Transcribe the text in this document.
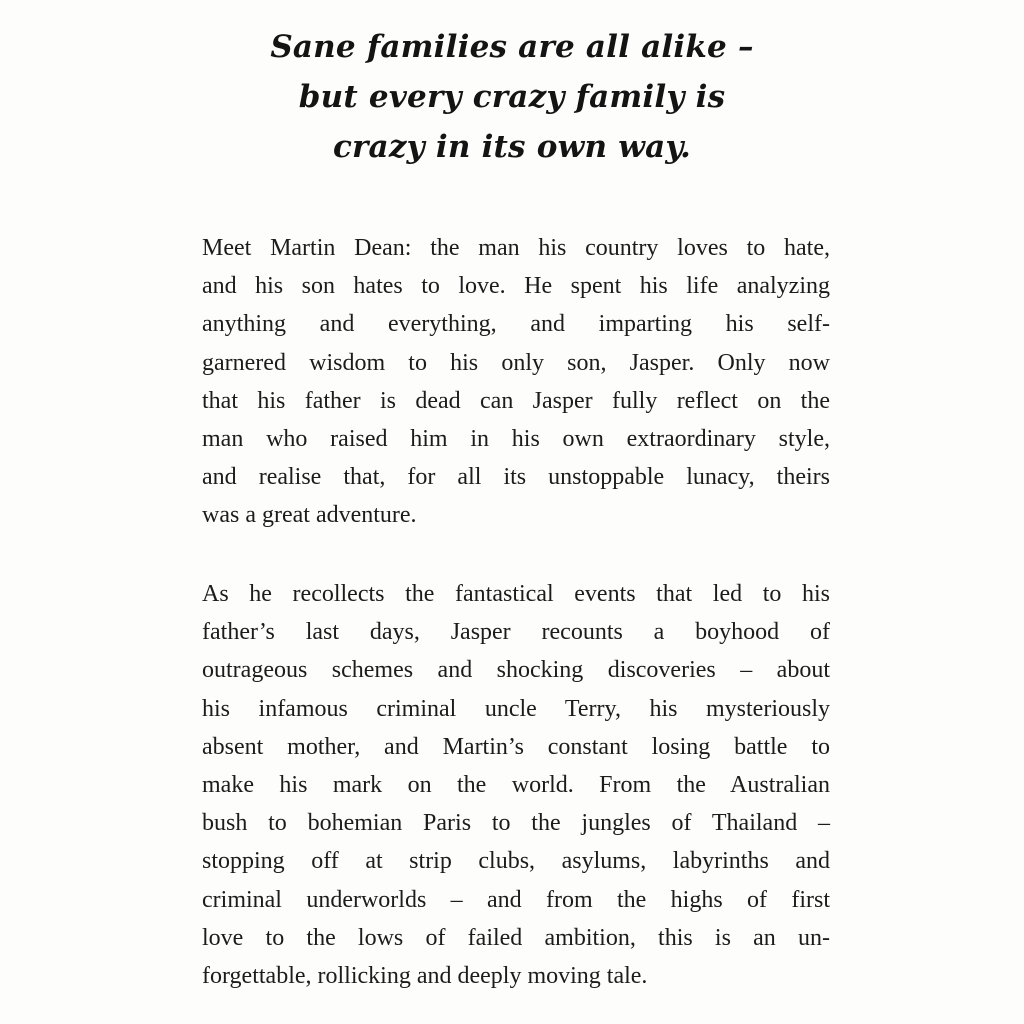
Sane families are all alike –
but every crazy family is
crazy in its own way.
Meet Martin Dean: the man his country loves to hate,
and his son hates to love. He spent his life analyzing
anything and everything, and imparting his self-
garnered wisdom to his only son, Jasper. Only now
that his father is dead can Jasper fully reflect on the
man who raised him in his own extraordinary style,
and realise that, for all its unstoppable lunacy, theirs
was a great adventure.
As he recollects the fantastical events that led to his
father’s last days, Jasper recounts a boyhood of
outrageous schemes and shocking discoveries – about
his infamous criminal uncle Terry, his mysteriously
absent mother, and Martin’s constant losing battle to
make his mark on the world. From the Australian
bush to bohemian Paris to the jungles of Thailand –
stopping off at strip clubs, asylums, labyrinths and
criminal underworlds – and from the highs of first
love to the lows of failed ambition, this is an un-
forgettable, rollicking and deeply moving tale.
